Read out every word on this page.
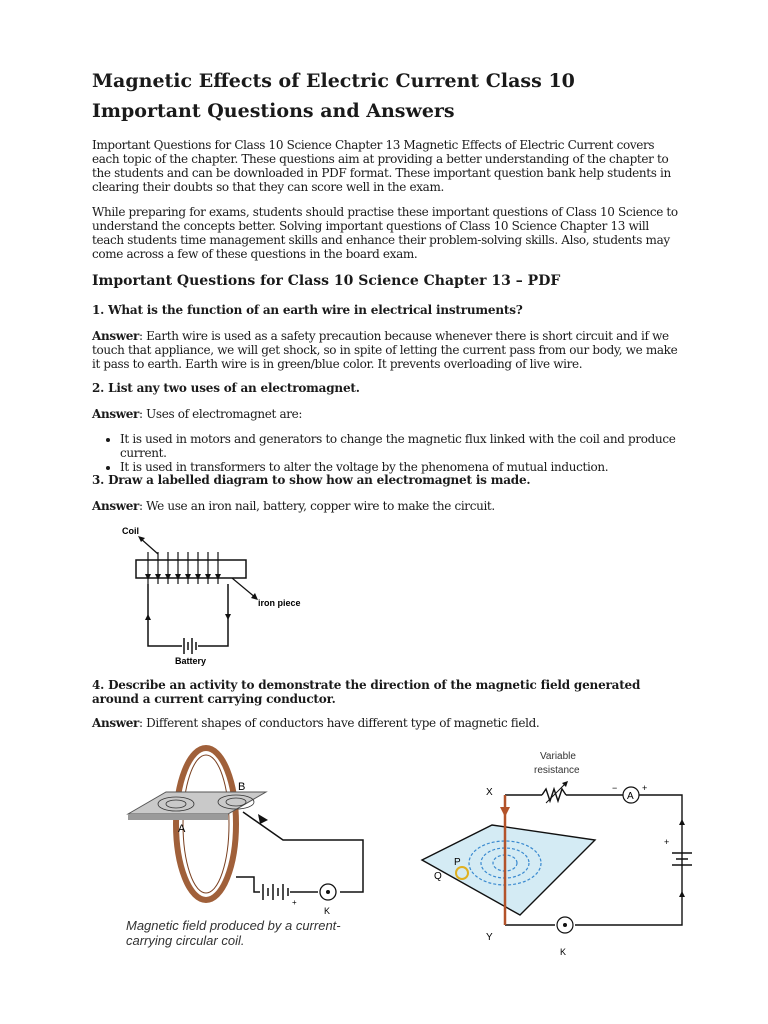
Magnetic Effects of Electric Current Class 10 Important Questions and Answers

Important Questions for Class 10 Science Chapter 13 Magnetic Effects of Electric Current covers each topic of the chapter. These questions aim at providing a better understanding of the chapter to the students and can be downloaded in PDF format. These important question bank help students in clearing their doubts so that they can score well in the exam.

While preparing for exams, students should practise these important questions of Class 10 Science to understand the concepts better. Solving important questions of Class 10 Science Chapter 13 will teach students time management skills and enhance their problem-solving skills. Also, students may come across a few of these questions in the board exam.

Important Questions for Class 10 Science Chapter 13 – PDF

1. What is the function of an earth wire in electrical instruments?

Answer: Earth wire is used as a safety precaution because whenever there is short circuit and if we touch that appliance, we will get shock, so in spite of letting the current pass from our body, we make it pass to earth. Earth wire is in green/blue color. It prevents overloading of live wire.

2. List any two uses of an electromagnet.

Answer: Uses of electromagnet are:

• It is used in motors and generators to change the magnetic flux linked with the coil and produce current.
• It is used in transformers to alter the voltage by the phenomena of mutual induction.

3. Draw a labelled diagram to show how an electromagnet is made.

Answer: We use an iron nail, battery, copper wire to make the circuit.

Coil
iron piece
Battery

4. Describe an activity to demonstrate the direction of the magnetic field generated around a current carrying conductor.

Answer: Different shapes of conductors have different type of magnetic field.

A
B
+
K
Magnetic field produced by a current-
carrying circular coil.
Variable
resistance
X	A
−	+
+
K
P
Q
Y
